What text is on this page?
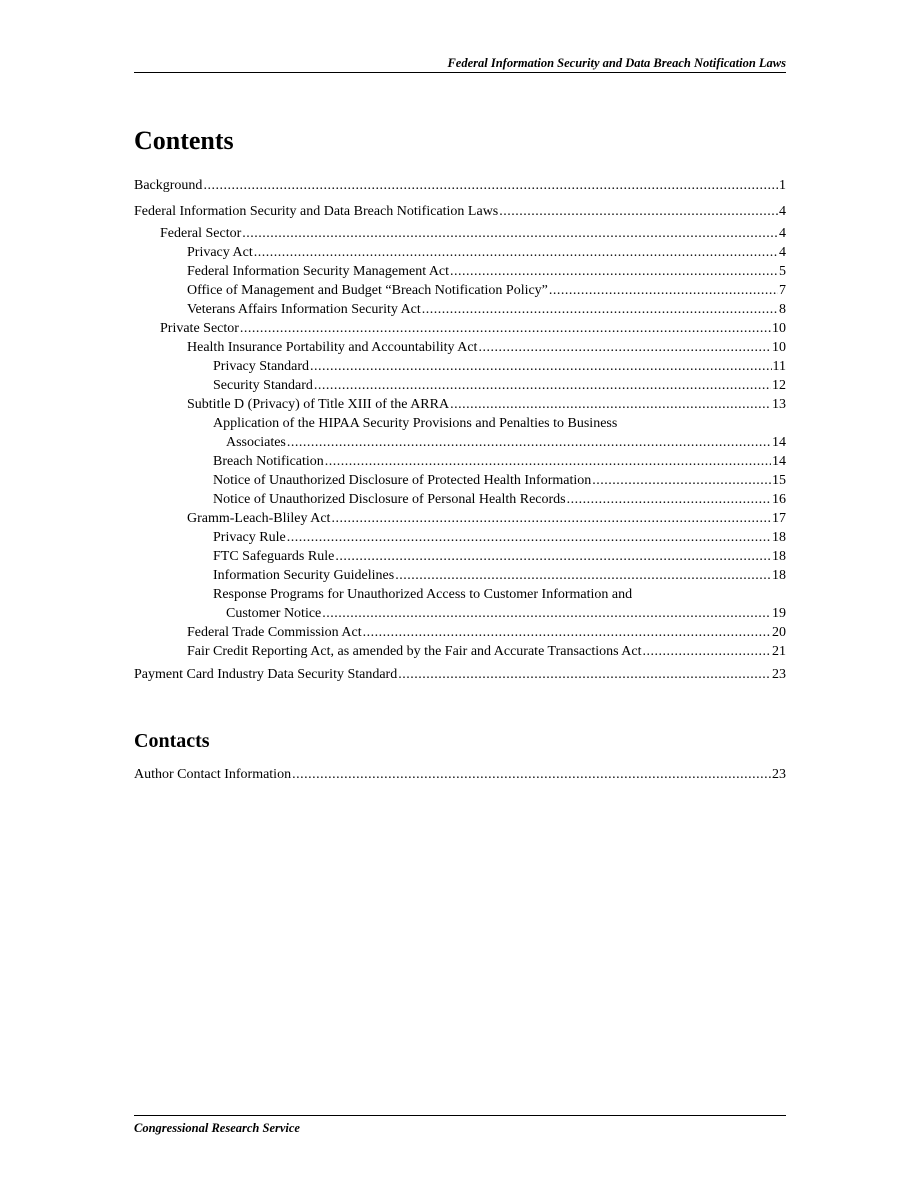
Federal Information Security and Data Breach Notification Laws
Contents
Background .....	1
Federal Information Security and Data Breach Notification Laws .....	4
Federal Sector .....	4
Privacy Act .....	4
Federal Information Security Management Act .....	5
Office of Management and Budget “Breach Notification Policy” .....	7
Veterans Affairs Information Security Act .....	8
Private Sector .....	10
Health Insurance Portability and Accountability Act .....	10
Privacy Standard .....	11
Security Standard .....	12
Subtitle D (Privacy) of Title XIII of the ARRA .....	13
Application of the HIPAA Security Provisions and Penalties to Business
Associates .....	14
Breach Notification .....	14
Notice of Unauthorized Disclosure of Protected Health Information .....	15
Notice of Unauthorized Disclosure of Personal Health Records .....	16
Gramm-Leach-Bliley Act .....	17
Privacy Rule .....	18
FTC Safeguards Rule .....	18
Information Security Guidelines .....	18
Response Programs for Unauthorized Access to Customer Information and
Customer Notice .....	19
Federal Trade Commission Act .....	20
Fair Credit Reporting Act, as amended by the Fair and Accurate Transactions Act .....	21
Payment Card Industry Data Security Standard .....	23
Contacts
Author Contact Information .....	23
Congressional Research Service
